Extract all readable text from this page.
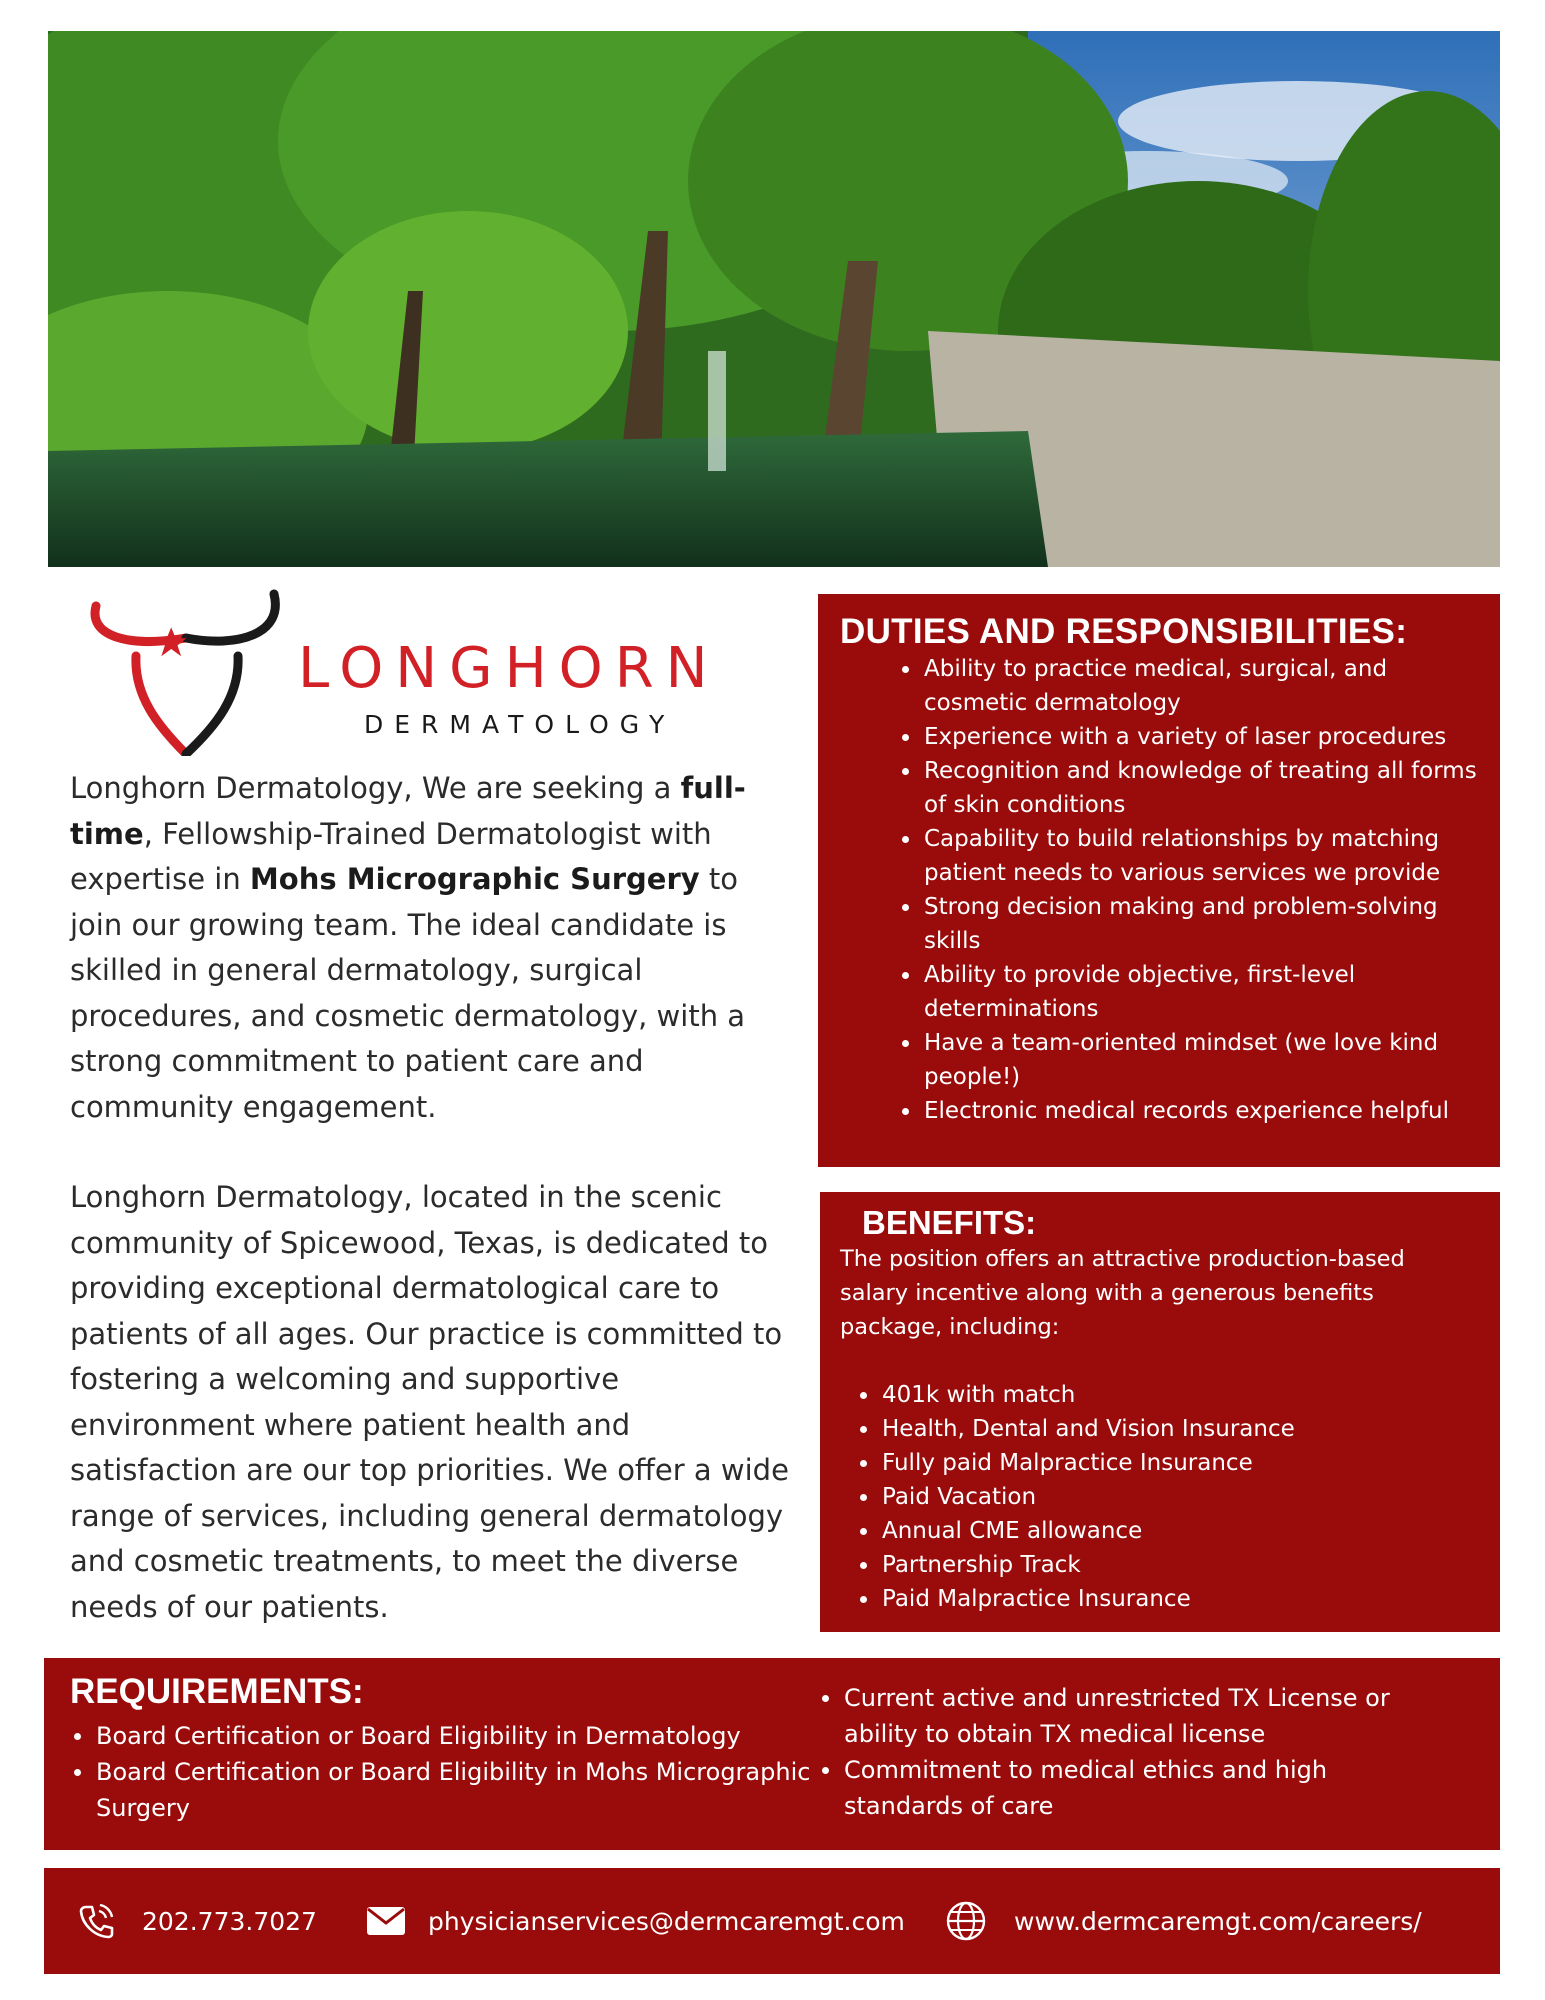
LONGHORN
DERMATOLOGY

Longhorn Dermatology, We are seeking a full-time, Fellowship-Trained Dermatologist with expertise in Mohs Micrographic Surgery to join our growing team. The ideal candidate is skilled in general dermatology, surgical procedures, and cosmetic dermatology, with a strong commitment to patient care and community engagement.

Longhorn Dermatology, located in the scenic community of Spicewood, Texas, is dedicated to providing exceptional dermatological care to patients of all ages. Our practice is committed to fostering a welcoming and supportive environment where patient health and satisfaction are our top priorities. We offer a wide range of services, including general dermatology and cosmetic treatments, to meet the diverse needs of our patients.

DUTIES AND RESPONSIBILITIES:
Ability to practice medical, surgical, and cosmetic dermatology
Experience with a variety of laser procedures
Recognition and knowledge of treating all forms of skin conditions
Capability to build relationships by matching patient needs to various services we provide
Strong decision making and problem-solving skills
Ability to provide objective, first-level determinations
Have a team-oriented mindset (we love kind people!)
Electronic medical records experience helpful
BENEFITS:

The position offers an attractive production-based salary incentive along with a generous benefits package, including:

401k with match
Health, Dental and Vision Insurance
Fully paid Malpractice Insurance
Paid Vacation
Annual CME allowance
Partnership Track
Paid Malpractice Insurance
REQUIREMENTS:
Board Certification or Board Eligibility in Dermatology
Board Certification or Board Eligibility in Mohs Micrographic Surgery
Current active and unrestricted TX License or ability to obtain TX medical license
Commitment to medical ethics and high standards of care
202.773.7027	physicianservices@dermcaremgt.com	www.dermcaremgt.com/careers/
